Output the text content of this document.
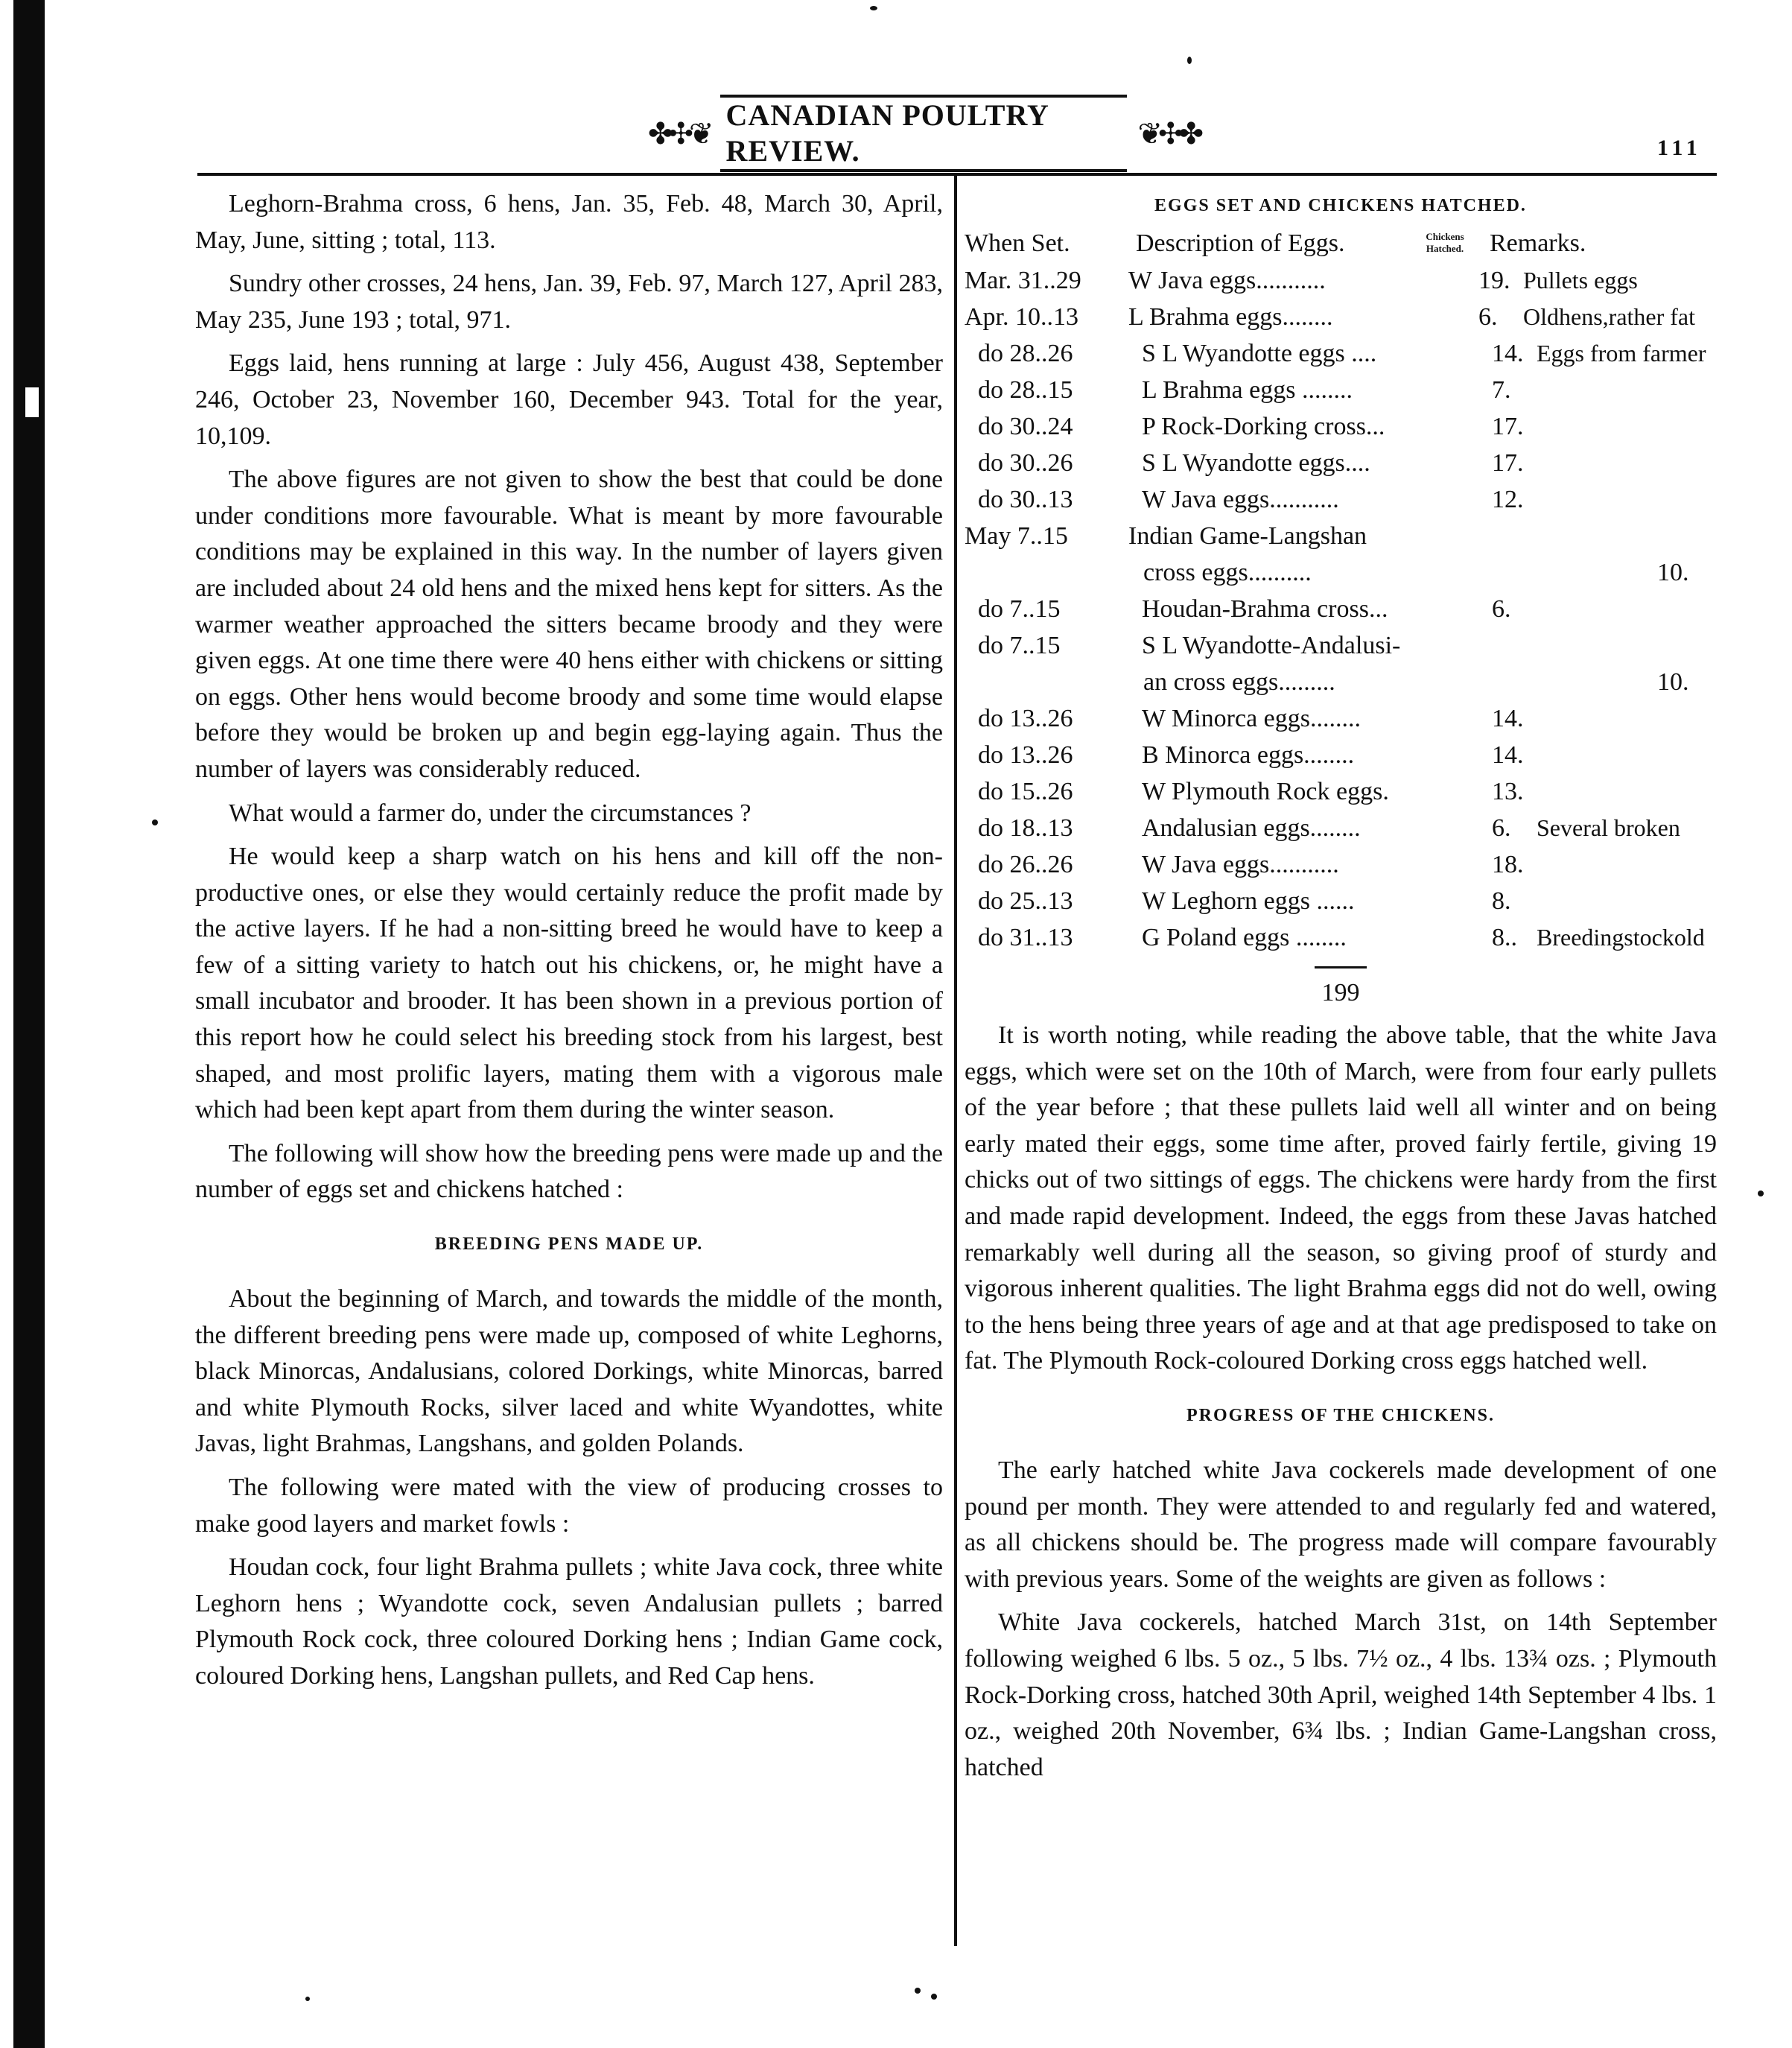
✤✣❦
CANADIAN POULTRY REVIEW.
❦✣✤	111

Leghorn-Brahma cross, 6 hens, Jan. 35, Feb. 48, March 30, April, May, June, sitting ; total, 113.

Sundry other crosses, 24 hens, Jan. 39, Feb. 97, March 127, April 283, May 235, June 193 ; total, 971.

Eggs laid, hens running at large : July 456, August 438, September 246, October 23, November 160, December 943. Total for the year, 10,109.

The above figures are not given to show the best that could be done under conditions more favourable. What is meant by more favourable conditions may be explained in this way. In the number of layers given are included about 24 old hens and the mixed hens kept for sitters. As the warmer weather approached the sitters became broody and they were given eggs. At one time there were 40 hens either with chickens or sitting on eggs. Other hens would become broody and some time would elapse before they would be broken up and begin egg-laying again. Thus the number of layers was considerably reduced.

What would a farmer do, under the circumstances ?

He would keep a sharp watch on his hens and kill off the non-productive ones, or else they would certainly reduce the profit made by the active layers. If he had a non-sitting breed he would have to keep a few of a sitting variety to hatch out his chickens, or, he might have a small incubator and brooder. It has been shown in a previous portion of this report how he could select his breeding stock from his largest, best shaped, and most prolific layers, mating them with a vigorous male which had been kept apart from them during the winter season.

The following will show how the breeding pens were made up and the number of eggs set and chickens hatched :

BREEDING PENS MADE UP.

About the beginning of March, and towards the middle of the month, the different breeding pens were made up, composed of white Leghorns, black Minorcas, Andalusians, colored Dorkings, white Minorcas, barred and white Plymouth Rocks, silver laced and white Wyandottes, white Javas, light Brahmas, Langshans, and golden Polands.

The following were mated with the view of producing crosses to make good layers and market fowls :

Houdan cock, four light Brahma pullets ; white Java cock, three white Leghorn hens ; Wyandotte cock, seven Andalusian pullets ; barred Plymouth Rock cock, three coloured Dorking hens ; Indian Game cock, coloured Dorking hens, Langshan pullets, and Red Cap hens.

EGGS SET AND CHICKENS HATCHED.
When Set.	Description of Eggs.	Chickens Hatched.	Remarks.
Mar. 31..29	W Java eggs...........	19. Pullets eggs
Apr. 10..13	L Brahma eggs........	6.	Oldhens,rather fat
do 28..26	S L Wyandotte eggs ....	14. Eggs from farmer
do 28..15	L Brahma eggs ........	7.
do 30..24	P Rock-Dorking cross...	17.
do 30..26	S L Wyandotte eggs....	17.
do 30..13	W Java eggs...........	12.
May 7..15	Indian Game-Langshan
cross eggs..........	10.
do 7..15	Houdan-Brahma cross...	6.
do 7..15	S L Wyandotte-Andalusi-
an cross eggs.........	10.
do 13..26	W Minorca eggs........	14.
do 13..26	B Minorca eggs........	14.
do 15..26	W Plymouth Rock eggs.	13.
do 18..13	Andalusian eggs........	6.	Several broken
do 26..26	W Java eggs...........	18.
do 25..13	W Leghorn eggs ......	8.
do 31..13	G Poland eggs ........	8.. Breedingstockold
199

It is worth noting, while reading the above table, that the white Java eggs, which were set on the 10th of March, were from four early pullets of the year before ; that these pullets laid well all winter and on being early mated their eggs, some time after, proved fairly fertile, giving 19 chicks out of two sittings of eggs. The chickens were hardy from the first and made rapid development. Indeed, the eggs from these Javas hatched remarkably well during all the season, so giving proof of sturdy and vigorous inherent qualities. The light Brahma eggs did not do well, owing to the hens being three years of age and at that age predisposed to take on fat. The Plymouth Rock-coloured Dorking cross eggs hatched well.

PROGRESS OF THE CHICKENS.

The early hatched white Java cockerels made development of one pound per month. They were attended to and regularly fed and watered, as all chickens should be. The progress made will compare favourably with previous years. Some of the weights are given as follows :

White Java cockerels, hatched March 31st, on 14th September following weighed 6 lbs. 5 oz., 5 lbs. 7½ oz., 4 lbs. 13¾ ozs. ; Plymouth Rock-Dorking cross, hatched 30th April, weighed 14th September 4 lbs. 1 oz., weighed 20th November, 6¾ lbs. ; Indian Game-Langshan cross, hatched
